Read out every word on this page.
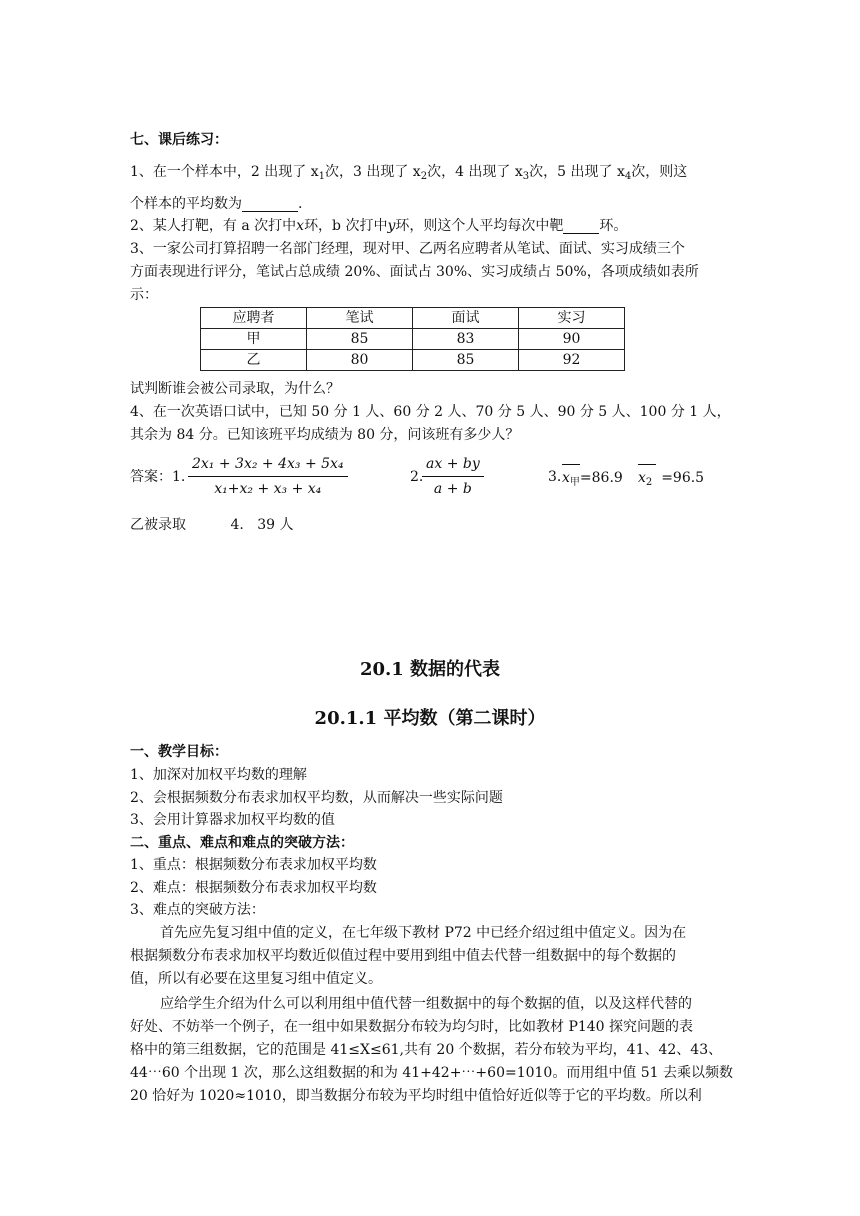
七、课后练习：
1、在一个样本中，2 出现了 $x_1$次，3 出现了 $x_2$次，4 出现了 $x_3$次，5 出现了 $x_4$次，则这
个样本的平均数为	.
2、某人打靶，有 a 次打中x环，b 次打中y环，则这个人平均每次中靶	环。
3、一家公司打算招聘一名部门经理，现对甲、乙两名应聘者从笔试、面试、实习成绩三个
方面表现进行评分，笔试占总成绩 20%、面试占 30%、实习成绩占 50%，各项成绩如表所
示：
应聘者	笔试	面试	实习
甲	85	83	90
乙	80	85	92
试判断谁会被公司录取，为什么？
4、在一次英语口试中，已知 50 分 1 人、60 分 2 人、70 分 5 人、90 分 5 人、100 分 1 人，
其余为 84 分。已知该班平均成绩为 80 分，问该班有多少人？
答案：1. $\frac{\text{2x₁ + 3x₂ + 4x₃ + 5x₄}}{\text{x₁+x₂ + x₃ + x₄}}$	2.
$\frac{ax + by}{a + b}$	3. $x_甲=86.9$ $x_2 =96.5$
乙被录取          4.   39 人
20.1 数据的代表
20.1.1 平均数（第二课时）
一、教学目标：
1、加深对加权平均数的理解
2、会根据频数分布表求加权平均数，从而解决一些实际问题
3、会用计算器求加权平均数的值
二、重点、难点和难点的突破方法：
1、重点：根据频数分布表求加权平均数
2、难点：根据频数分布表求加权平均数
3、难点的突破方法：
首先应先复习组中值的定义，在七年级下教材 P72 中已经介绍过组中值定义。因为在
根据频数分布表求加权平均数近似值过程中要用到组中值去代替一组数据中的每个数据的
值，所以有必要在这里复习组中值定义。
应给学生介绍为什么可以利用组中值代替一组数据中的每个数据的值，以及这样代替的
好处、不妨举一个例子，在一组中如果数据分布较为均匀时，比如教材 P140 探究问题的表
格中的第三组数据，它的范围是 41≤X≤61,共有 20 个数据，若分布较为平均，41、42、43、
44⋯60 个出现 1 次，那么这组数据的和为 41+42+⋯+60=1010。而用组中值 51 去乘以频数
20 恰好为 1020≈1010，即当数据分布较为平均时组中值恰好近似等于它的平均数。所以利
